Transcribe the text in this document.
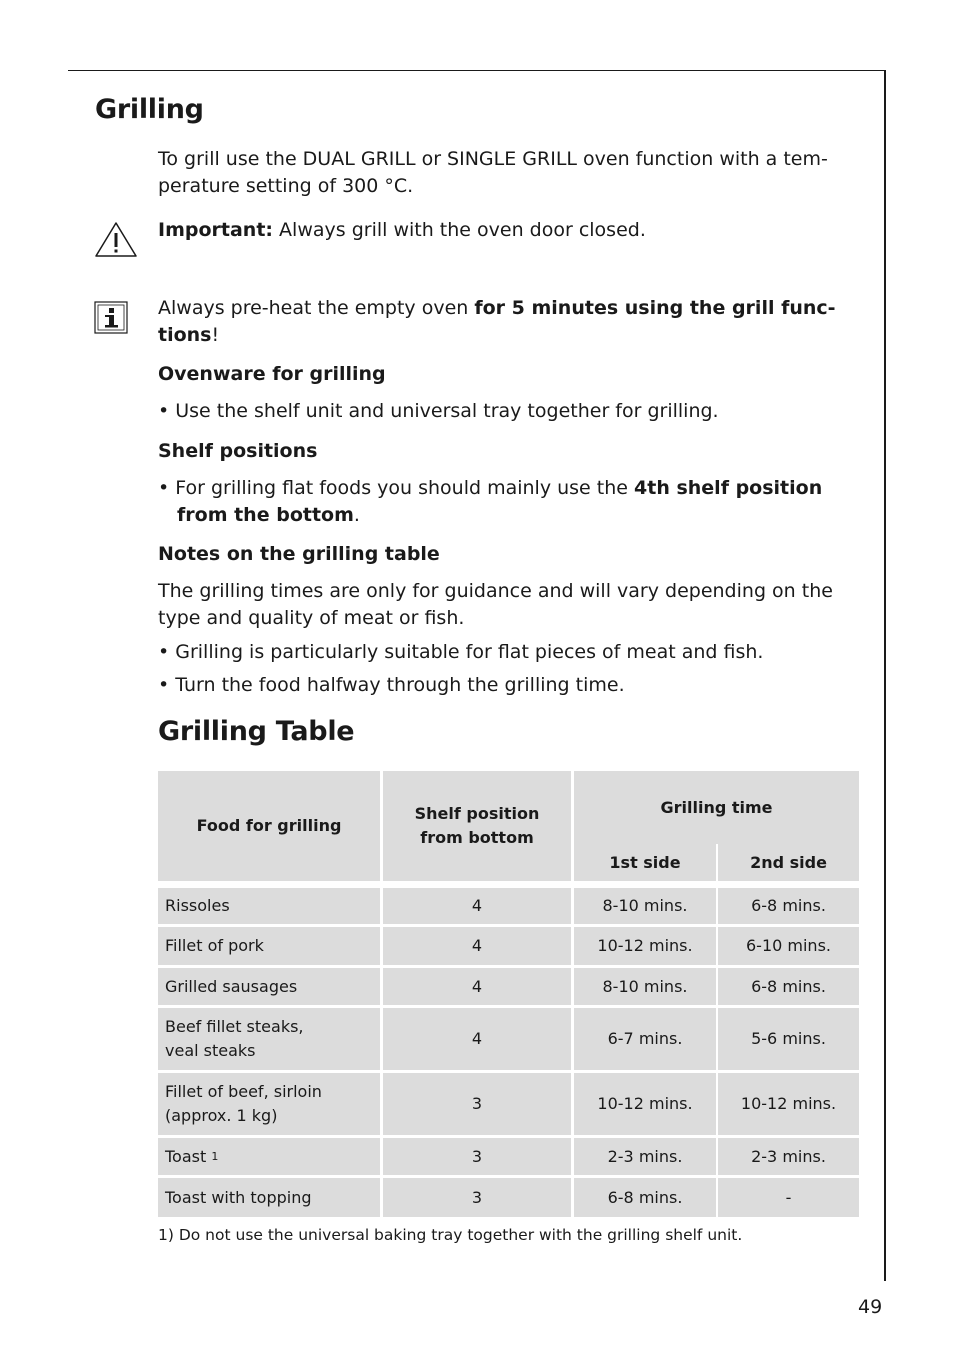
Grilling

To grill use the DUAL GRILL or SINGLE GRILL oven function with a tem-
perature setting of 300 °C.

Important: Always grill with the oven door closed.

Always pre-heat the empty oven for 5 minutes using the grill func-
tions!

Ovenware for grilling

• Use the shelf unit and universal tray together for grilling.

Shelf positions

• For grilling flat foods you should mainly use the 4th shelf position
from the bottom.

Notes on the grilling table

The grilling times are only for guidance and will vary depending on the
type and quality of meat or fish.

• Grilling is particularly suitable for flat pieces of meat and fish.

• Turn the food halfway through the grilling time.

Grilling Table
Food for grilling
Shelf position
from bottom
Grilling time
1st side	2nd side
Rissoles	4	8-10 mins.	6-8 mins.
Fillet of pork	4	10-12 mins.	6-10 mins.
Grilled sausages	4	8-10 mins.	6-8 mins.
Beef fillet steaks,
veal steaks
4	6-7 mins.	5-6 mins.
Fillet of beef, sirloin
(approx. 1 kg)
3	10-12 mins.	10-12 mins.
Toast
1	3	2-3 mins.	2-3 mins.
Toast with topping	3	6-8 mins.	-

1) Do not use the universal baking tray together with the grilling shelf unit.

49
